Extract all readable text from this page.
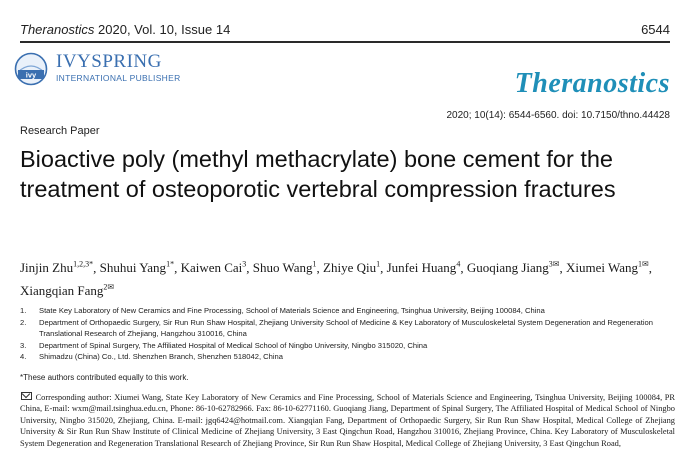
Theranostics 2020, Vol. 10, Issue 14	6544
ivy
IVYSPRING
INTERNATIONAL PUBLISHER	Theranostics
2020; 10(14): 6544-6560. doi: 10.7150/thno.44428
Research Paper
Bioactive poly (methyl methacrylate) bone cement for the treatment of osteoporotic vertebral compression fractures
Jinjin Zhu$^{1,2,3*}$, Shuhui Yang$^{1*}$, Kaiwen Cai$^3$, Shuo Wang$^1$, Zhiye Qiu$^1$, Junfei Huang$^4$, Guoqiang Jiang$^{3✉}$, Xiumei Wang$^{1✉}$, Xiangqian Fang$^{2✉}$
1.	State Key Laboratory of New Ceramics and Fine Processing, School of Materials Science and Engineering, Tsinghua University, Beijing 100084, China
2.	Department of Orthopaedic Surgery, Sir Run Run Shaw Hospital, Zhejiang University School of Medicine & Key Laboratory of Musculoskeletal System Degeneration and Regeneration Translational Research of Zhejiang, Hangzhou 310016, China
3.	Department of Spinal Surgery, The Affiliated Hospital of Medical School of Ningbo University, Ningbo 315020, China
4.	Shimadzu (China) Co., Ltd. Shenzhen Branch, Shenzhen 518042, China
*These authors contributed equally to this work.
Corresponding author: Xiumei Wang, State Key Laboratory of New Ceramics and Fine Processing, School of Materials Science and Engineering, Tsinghua University, Beijing 100084, PR China, E-mail: wxm@mail.tsinghua.edu.cn, Phone: 86-10-62782966. Fax: 86-10-62771160. Guoqiang Jiang, Department of Spinal Surgery, The Affiliated Hospital of Medical School of Ningbo University, Ningbo 315020, Zhejiang, China. E-mail: jgq6424@hotmail.com. Xiangqian Fang, Department of Orthopaedic Surgery, Sir Run Run Shaw Hospital, Medical College of Zhejiang University & Sir Run Run Shaw Institute of Clinical Medicine of Zhejiang University, 3 East Qingchun Road, Hangzhou 310016, Zhejiang Province, China. Key Laboratory of Musculoskeletal System Degeneration and Regeneration Translational Research of Zhejiang Province, Sir Run Run Shaw Hospital, Medical College of Zhejiang University, 3 East Qingchun Road,
